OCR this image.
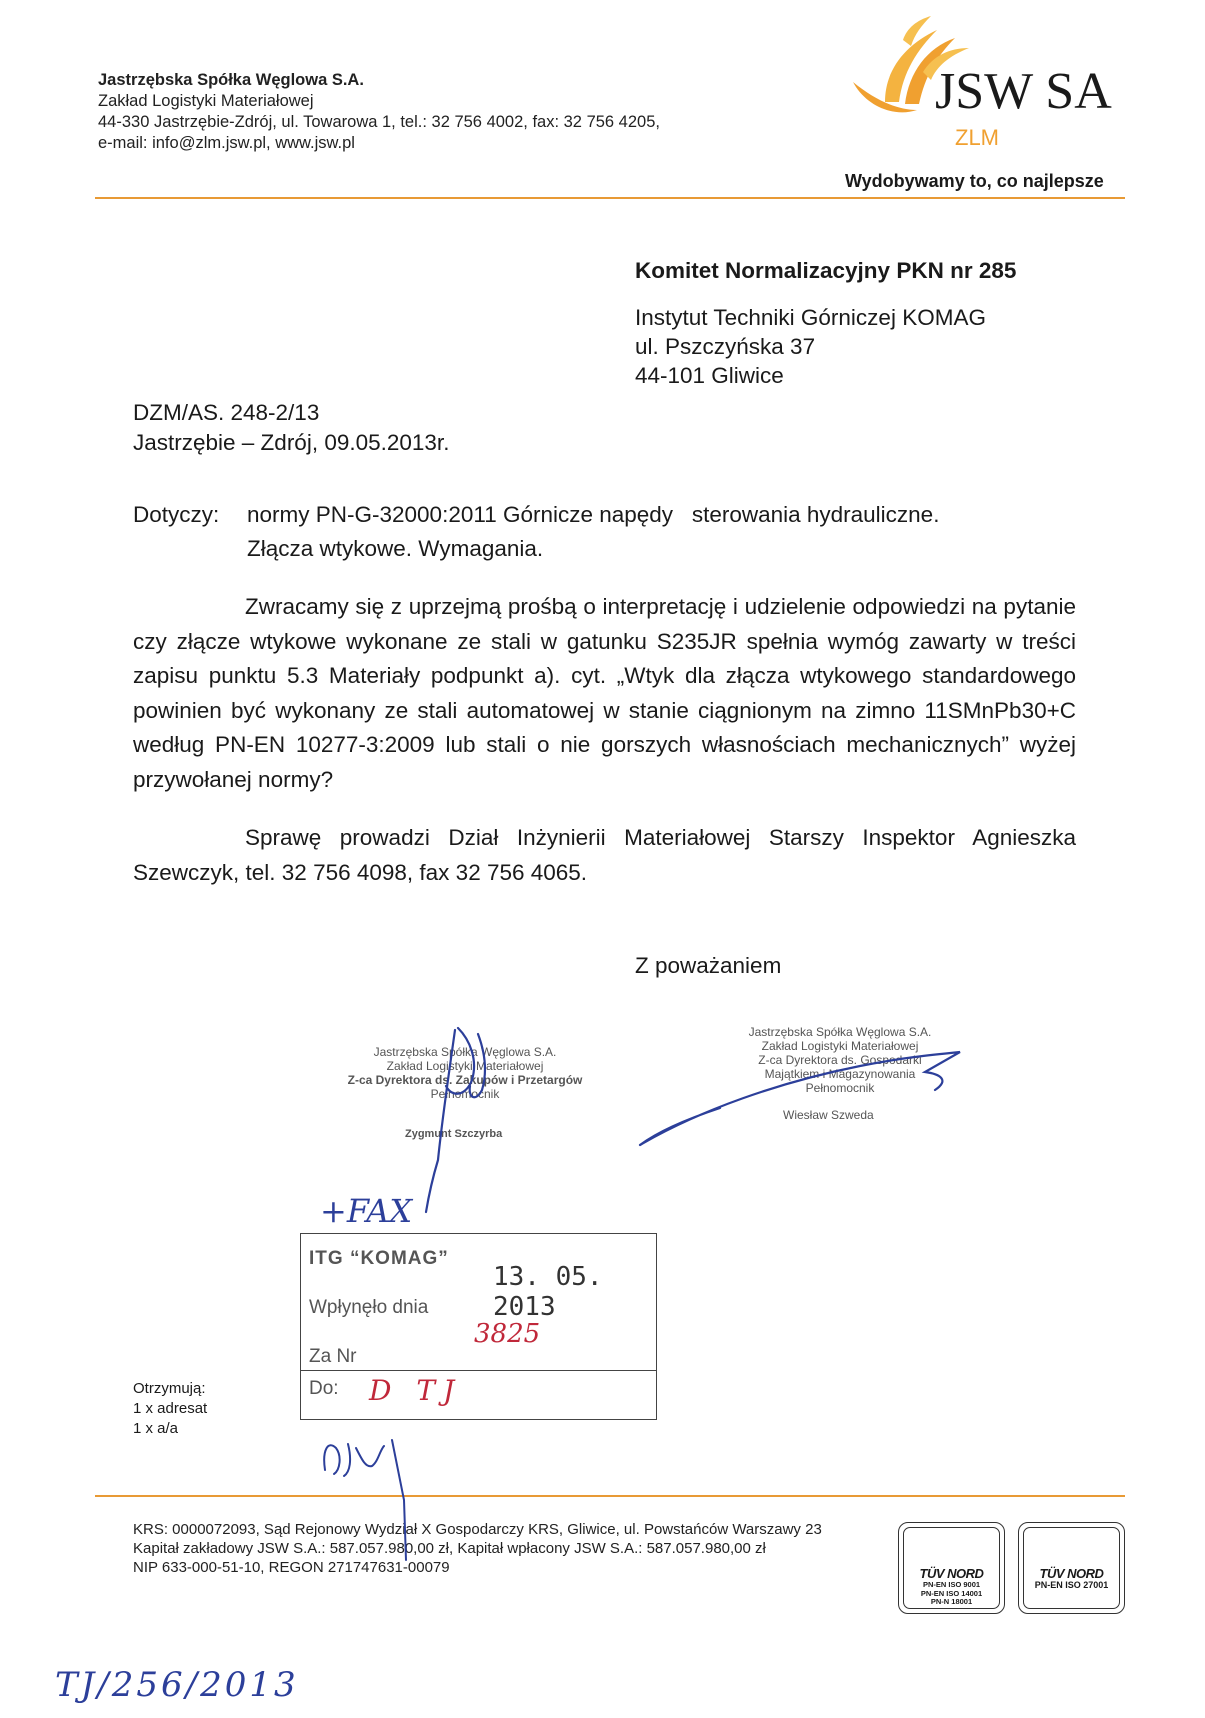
Jastrzębska Spółka Węglowa S.A.
Zakład Logistyki Materiałowej
44-330 Jastrzębie-Zdrój, ul. Towarowa 1, tel.: 32 756 4002, fax: 32 756 4205,
e-mail: info@zlm.jsw.pl, www.jsw.pl
JSW SA
ZLM
Wydobywamy to, co najlepsze
Komitet Normalizacyjny PKN nr 285
Instytut Techniki Górniczej KOMAG
ul. Pszczyńska 37
44-101 Gliwice
DZM/AS. 248-2/13
Jastrzębie – Zdrój, 09.05.2013r.
Dotyczy: normy PN-G-32000:2011 Górnicze napędy   sterowania hydrauliczne.
Złącza wtykowe. Wymagania.

Zwracamy się z uprzejmą prośbą o interpretację i udzielenie odpowiedzi na pytanie czy złącze wtykowe wykonane ze stali w gatunku S235JR spełnia wymóg zawarty w treści zapisu punktu 5.3 Materiały podpunkt a). cyt. „Wtyk dla złącza wtykowego standardowego powinien być wykonany ze stali automatowej w stanie ciągnionym na zimno 11SMnPb30+C według PN-EN 10277-3:2009 lub stali o nie gorszych własnościach mechanicznych” wyżej przywołanej normy?

Sprawę prowadzi Dział Inżynierii Materiałowej Starszy Inspektor Agnieszka Szewczyk, tel. 32 756 4098, fax 32 756 4065.

Z poważaniem
Jastrzębska Spółka Węglowa S.A.
Zakład Logistyki Materiałowej
Z-ca Dyrektora ds. Zakupów i Przetargów
Pełnomocnik
Zygmunt Szczyrba
Jastrzębska Spółka Węglowa S.A.
Zakład Logistyki Materiałowej
Z-ca Dyrektora ds. Gospodarki
Majątkiem i Magazynowania
Pełnomocnik
Wiesław Szweda
+FAX
ITG “KOMAG”
13. 05. 2013
Wpłynęło dnia
3825
Za Nr
Do: D TJ
Otrzymują:
1 x adresat
1 x a/a
KRS: 0000072093, Sąd Rejonowy Wydział X Gospodarczy KRS, Gliwice, ul. Powstańców Warszawy 23
Kapitał zakładowy JSW S.A.: 587.057.980,00 zł, Kapitał wpłacony JSW S.A.: 587.057.980,00 zł
NIP 633-000-51-10, REGON 271747631-00079	TÜV NORD
PN-EN ISO 9001
PN-EN ISO 14001
PN-N 18001
TÜV NORD
PN-EN ISO 27001
TJ/256/2013
